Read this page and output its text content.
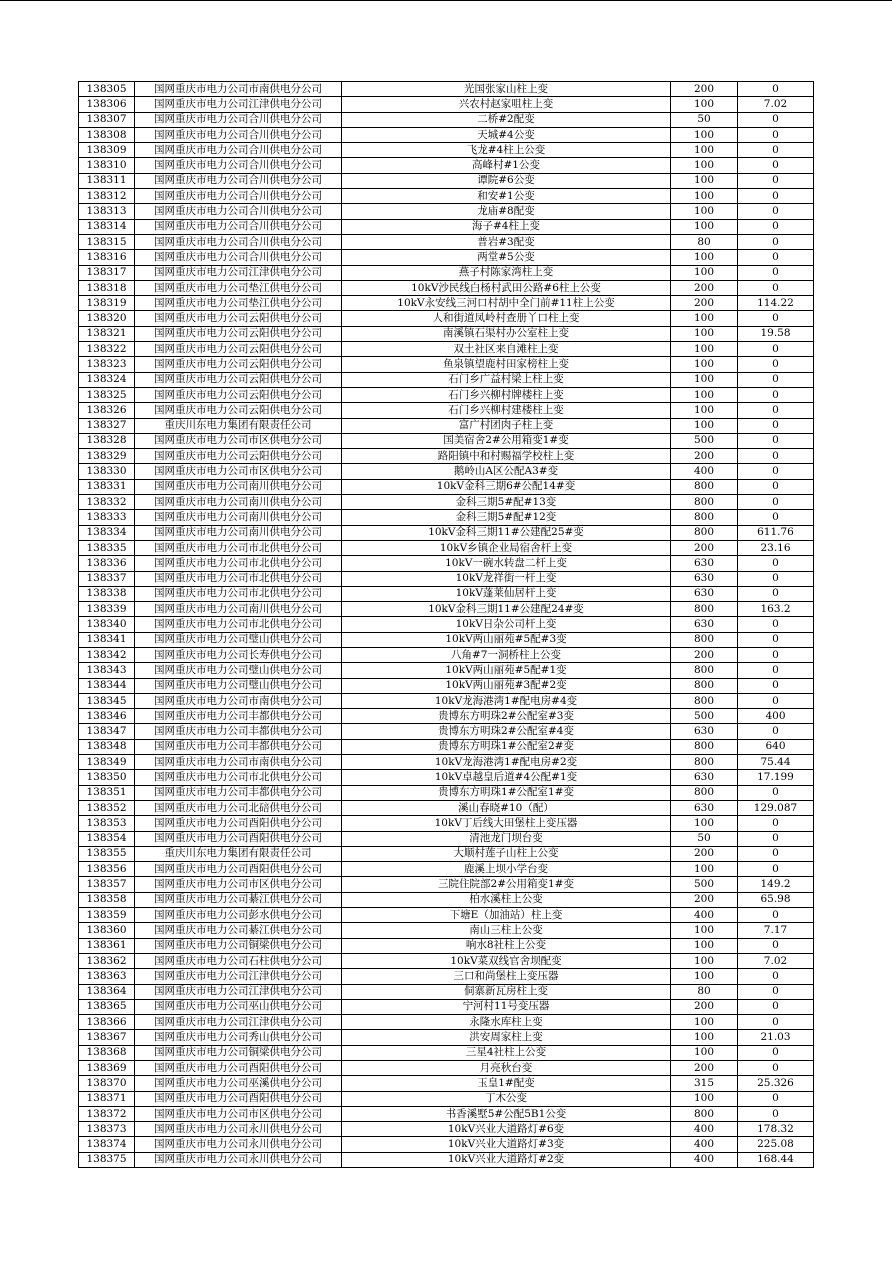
138305	国网重庆市电力公司市南供电分公司	光国张家山柱上变	200	0
138306	国网重庆市电力公司江津供电分公司	兴农村赵家咀柱上变	100	7.02
138307	国网重庆市电力公司合川供电分公司	二桥#2配变	50	0
138308	国网重庆市电力公司合川供电分公司	天城#4公变	100	0
138309	国网重庆市电力公司合川供电分公司	飞龙#4柱上公变	100	0
138310	国网重庆市电力公司合川供电分公司	高峰村#1公变	100	0
138311	国网重庆市电力公司合川供电分公司	谭院#6公变	100	0
138312	国网重庆市电力公司合川供电分公司	和安#1公变	100	0
138313	国网重庆市电力公司合川供电分公司	龙庙#8配变	100	0
138314	国网重庆市电力公司合川供电分公司	海子#4柱上变	100	0
138315	国网重庆市电力公司合川供电分公司	普岩#3配变	80	0
138316	国网重庆市电力公司合川供电分公司	两堂#5公变	100	0
138317	国网重庆市电力公司江津供电分公司	燕子村陈家湾柱上变	100	0
138318	国网重庆市电力公司垫江供电分公司	10kV沙民线白杨村武田公路#6柱上公变	200	0
138319	国网重庆市电力公司垫江供电分公司	10kV永安线三河口村胡中全门前#11柱上公变	200	114.22
138320	国网重庆市电力公司云阳供电分公司	人和街道凤岭村查册丫口柱上变	100	0
138321	国网重庆市电力公司云阳供电分公司	南溪镇石渠村办公室柱上变	100	19.58
138322	国网重庆市电力公司云阳供电分公司	双土社区来自滩柱上变	100	0
138323	国网重庆市电力公司云阳供电分公司	鱼泉镇望鹿村田家榜柱上变	100	0
138324	国网重庆市电力公司云阳供电分公司	石门乡广益村梁上柱上变	100	0
138325	国网重庆市电力公司云阳供电分公司	石门乡兴柳村牌楼柱上变	100	0
138326	国网重庆市电力公司云阳供电分公司	石门乡兴柳村建楼柱上变	100	0
138327	重庆川东电力集团有限责任公司	富广村团肉子柱上变	100	0
138328	国网重庆市电力公司市区供电分公司	国美宿舍2#公用箱变1#变	500	0
138329	国网重庆市电力公司云阳供电分公司	路阳镇中和村赐福学校柱上变	200	0
138330	国网重庆市电力公司市区供电分公司	鹅岭山A区公配A3#变	400	0
138331	国网重庆市电力公司南川供电分公司	10kV金科三期6#公配14#变	800	0
138332	国网重庆市电力公司南川供电分公司	金科三期5#配#13变	800	0
138333	国网重庆市电力公司南川供电分公司	金科三期5#配#12变	800	0
138334	国网重庆市电力公司南川供电分公司	10kV金科三期11#公建配25#变	800	611.76
138335	国网重庆市电力公司市北供电分公司	10kV乡镇企业局宿舍杆上变	200	23.16
138336	国网重庆市电力公司市北供电分公司	10kV一碗水转盘二杆上变	630	0
138337	国网重庆市电力公司市北供电分公司	10kV龙祥街一杆上变	630	0
138338	国网重庆市电力公司市北供电分公司	10kV蓬莱仙居杆上变	630	0
138339	国网重庆市电力公司南川供电分公司	10kV金科三期11#公建配24#变	800	163.2
138340	国网重庆市电力公司市北供电分公司	10kV日杂公司杆上变	630	0
138341	国网重庆市电力公司璧山供电分公司	10kV两山丽苑#5配#3变	800	0
138342	国网重庆市电力公司长寿供电分公司	八角#7一洞桥柱上公变	200	0
138343	国网重庆市电力公司璧山供电分公司	10kV两山丽苑#5配#1变	800	0
138344	国网重庆市电力公司璧山供电分公司	10kV两山丽苑#3配#2变	800	0
138345	国网重庆市电力公司市南供电分公司	10kV龙海港湾1#配电房#4变	800	0
138346	国网重庆市电力公司丰都供电分公司	贵博东方明珠2#公配室#3变	500	400
138347	国网重庆市电力公司丰都供电分公司	贵博东方明珠2#公配室#4变	630	0
138348	国网重庆市电力公司丰都供电分公司	贵博东方明珠1#公配室2#变	800	640
138349	国网重庆市电力公司市南供电分公司	10kV龙海港湾1#配电房#2变	800	75.44
138350	国网重庆市电力公司市北供电分公司	10kV卓越皇后道#4公配#1变	630	17.199
138351	国网重庆市电力公司丰都供电分公司	贵博东方明珠1#公配室1#变	800	0
138352	国网重庆市电力公司北碚供电分公司	溪山春晓#10（配）	630	129.087
138353	国网重庆市电力公司酉阳供电分公司	10kV丁后线大田堡柱上变压器	100	0
138354	国网重庆市电力公司酉阳供电分公司	清池龙门坝台变	50	0
138355	重庆川东电力集团有限责任公司	大顺村莲子山柱上公变	200	0
138356	国网重庆市电力公司酉阳供电分公司	鹿溪上坝小学台变	100	0
138357	国网重庆市电力公司市区供电分公司	三院住院部2#公用箱变1#变	500	149.2
138358	国网重庆市电力公司綦江供电分公司	柏水溪柱上公变	200	65.98
138359	国网重庆市电力公司彭水供电分公司	下塘E（加油站）柱上变	400	0
138360	国网重庆市电力公司綦江供电分公司	南山三柱上公变	100	7.17
138361	国网重庆市电力公司铜梁供电分公司	响水8社柱上公变	100	0
138362	国网重庆市电力公司石柱供电分公司	10kV菜双线官舍坝配变	100	7.02
138363	国网重庆市电力公司江津供电分公司	三口和尚堡柱上变压器	100	0
138364	国网重庆市电力公司江津供电分公司	侗寨新瓦房柱上变	80	0
138365	国网重庆市电力公司巫山供电分公司	宁河村11号变压器	200	0
138366	国网重庆市电力公司江津供电分公司	永隆水库柱上变	100	0
138367	国网重庆市电力公司秀山供电分公司	洪安周家柱上变	100	21.03
138368	国网重庆市电力公司铜梁供电分公司	三星4社柱上公变	100	0
138369	国网重庆市电力公司酉阳供电分公司	月亮秋台变	200	0
138370	国网重庆市电力公司巫溪供电分公司	玉皇1#配变	315	25.326
138371	国网重庆市电力公司酉阳供电分公司	丁木公变	100	0
138372	国网重庆市电力公司市区供电分公司	书香溪墅5#公配5B1公变	800	0
138373	国网重庆市电力公司永川供电分公司	10kV兴业大道路灯#6变	400	178.32
138374	国网重庆市电力公司永川供电分公司	10kV兴业大道路灯#3变	400	225.08
138375	国网重庆市电力公司永川供电分公司	10kV兴业大道路灯#2变	400	168.44
